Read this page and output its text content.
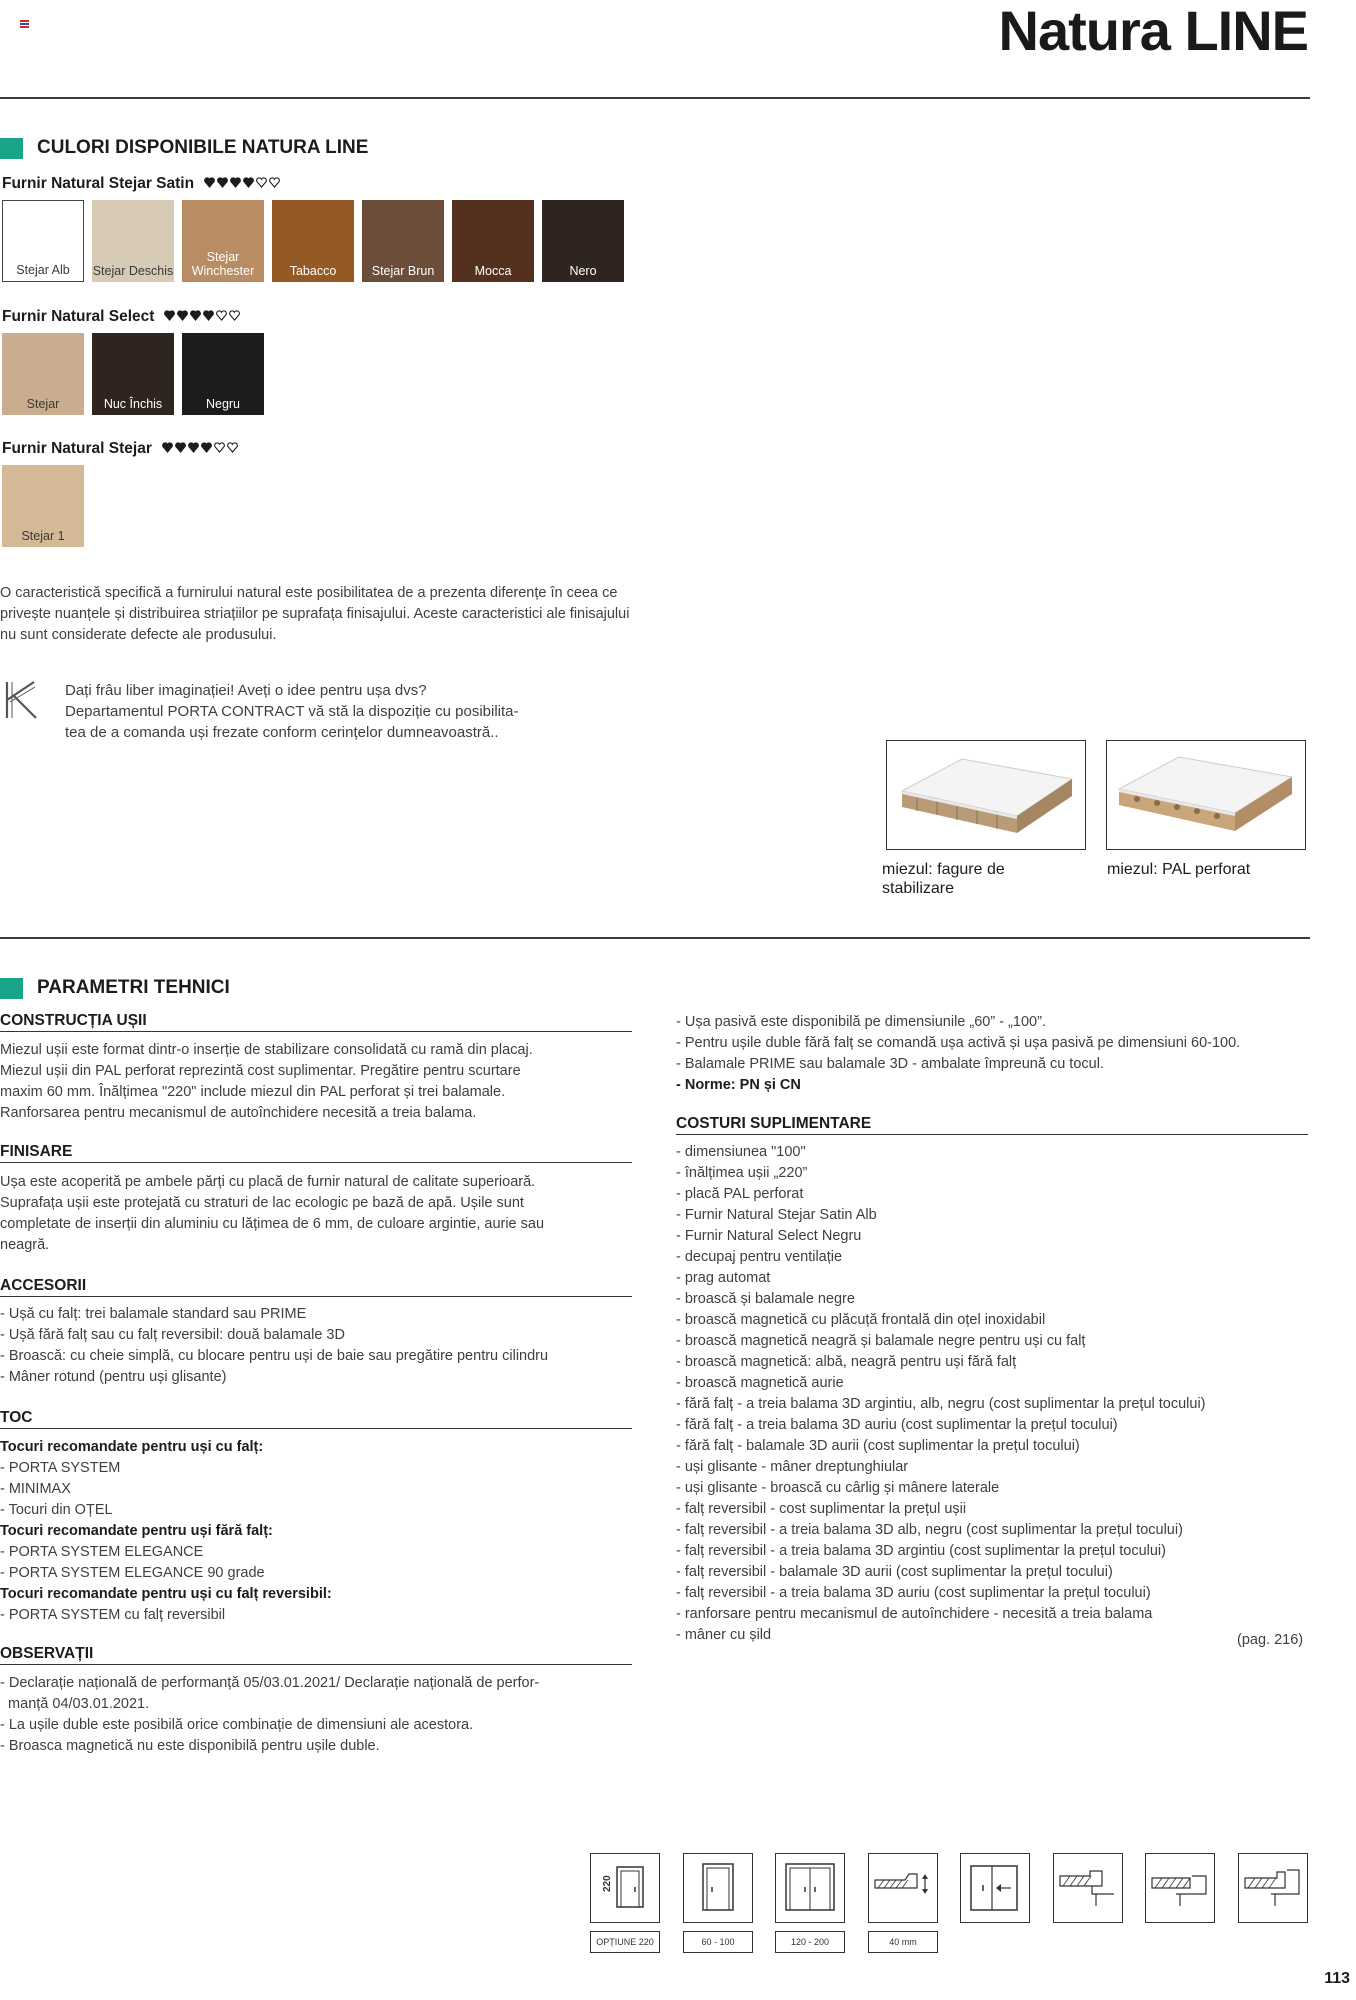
Natura LINE
CULORI DISPONIBILE NATURA LINE
Furnir Natural Stejar Satin
Stejar Alb Stejar Deschis
Stejar Winchester	Tabacco	Stejar Brun	Mocca	Nero
Furnir Natural Select
Stejar	Nuc Închis	Negru
Furnir Natural Stejar
Stejar 1
O caracteristică specifică a furnirului natural este posibilitatea de a prezenta diferențe în ceea ce privește nuanțele și distribuirea striațiilor pe suprafața finisajului. Aceste caracteristici ale finisajului nu sunt considerate defecte ale produsului.
Dați frâu liber imaginației! Aveți o idee pentru ușa dvs?
Departamentul PORTA CONTRACT vă stă la dispoziție cu posibilita-
tea de a comanda uși frezate conform cerințelor dumneavoastră..
miezul: fagure de stabilizare
miezul: PAL perforat
PARAMETRI TEHNICI
CONSTRUCȚIA UȘII
Miezul ușii este format dintr-o inserție de stabilizare consolidată cu ramă din placaj.
Miezul ușii din PAL perforat reprezintă cost suplimentar. Pregătire pentru scurtare
maxim 60 mm. Înălțimea "220" include miezul din PAL perforat și trei balamale.
Ranforsarea pentru mecanismul de autoînchidere necesită a treia balama.
FINISARE
Ușa este acoperită pe ambele părți cu placă de furnir natural de calitate superioară.
Suprafața ușii este protejată cu straturi de lac ecologic pe bază de apă. Ușile sunt
completate de inserții din aluminiu cu lățimea de 6 mm, de culoare argintie, aurie sau
neagră.
ACCESORII
- Ușă cu falț: trei balamale standard sau PRIME
- Ușă fără falț sau cu falț reversibil: două balamale 3D
- Broască: cu cheie simplă, cu blocare pentru uși de baie sau pregătire pentru cilindru
- Mâner rotund (pentru uși glisante)
TOC
Tocuri recomandate pentru uși cu falț:
- PORTA SYSTEM
- MINIMAX
- Tocuri din OȚEL
Tocuri recomandate pentru uși fără falț:
- PORTA SYSTEM ELEGANCE
- PORTA SYSTEM ELEGANCE 90 grade
Tocuri recomandate pentru uși cu falț reversibil:
- PORTA SYSTEM cu falț reversibil
OBSERVAȚII
- Declarație națională de performanță 05/03.01.2021/ Declarație națională de perfor-
manță 04/03.01.2021.
- La ușile duble este posibilă orice combinație de dimensiuni ale acestora.
- Broasca magnetică nu este disponibilă pentru ușile duble.
- Ușa pasivă este disponibilă pe dimensiunile „60” - „100”.
- Pentru ușile duble fără falț se comandă ușa activă și ușa pasivă pe dimensiuni 60-100.
- Balamale PRIME sau balamale 3D - ambalate împreună cu tocul.
- Norme: PN și CN
COSTURI SUPLIMENTARE
- dimensiunea "100"
- înălțimea ușii „220”
- placă PAL perforat
- Furnir Natural Stejar Satin Alb
- Furnir Natural Select Negru
- decupaj pentru ventilație
- prag automat
- broască și balamale negre
- broască magnetică cu plăcuță frontală din oțel inoxidabil
- broască magnetică neagră și balamale negre pentru uși cu falț
- broască magnetică: albă, neagră pentru uși fără falț
- broască magnetică aurie
- fără falț - a treia balama 3D argintiu, alb, negru (cost suplimentar la prețul tocului)
- fără falț - a treia balama 3D auriu (cost suplimentar la prețul tocului)
- fără falț - balamale 3D aurii (cost suplimentar la prețul tocului)
- uși glisante - mâner dreptunghiular
- uși glisante - broască cu cârlig și mânere laterale
- falț reversibil - cost suplimentar la prețul ușii
- falț reversibil - a treia balama 3D alb, negru (cost suplimentar la prețul tocului)
- falț reversibil - a treia balama 3D argintiu (cost suplimentar la prețul tocului)
- falț reversibil - balamale 3D aurii (cost suplimentar la prețul tocului)
- falț reversibil - a treia balama 3D auriu (cost suplimentar la prețul tocului)
- ranforsare pentru mecanismul de autoînchidere - necesită a treia balama
- mâner cu șild	(pag. 216)
220
OPȚIUNE 220	60 - 100	120 - 200	40 mm
113
